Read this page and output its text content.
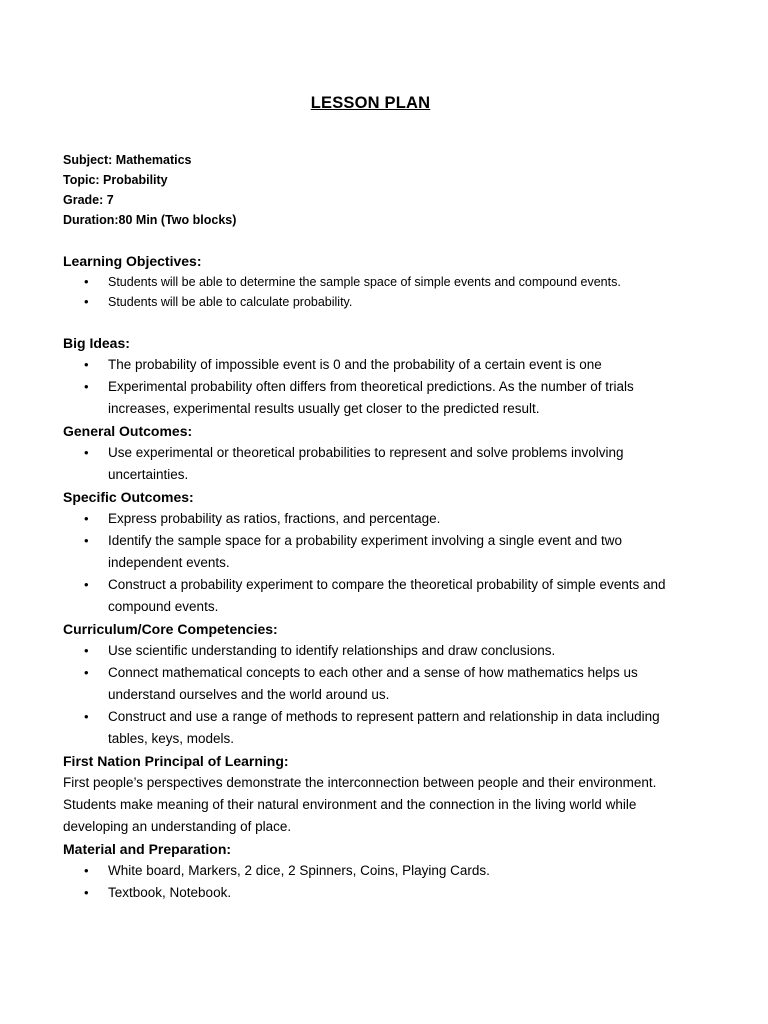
LESSON PLAN
Subject: Mathematics
Topic: Probability
Grade: 7
Duration:80 Min (Two blocks)

Learning Objectives:

• Students will be able to determine the sample space of simple events and compound events.
• Students will be able to calculate probability.

Big Ideas:

• The probability of impossible event is 0 and the probability of a certain event is one
• Experimental probability often differs from theoretical predictions. As the number of trials increases, experimental results usually get closer to the predicted result.

General Outcomes:

• Use experimental or theoretical probabilities to represent and solve problems involving uncertainties.

Specific Outcomes:

• Express probability as ratios, fractions, and percentage.
• Identify the sample space for a probability experiment involving a single event and two independent events.
• Construct a probability experiment to compare the theoretical probability of simple events and compound events.

Curriculum/Core Competencies:

• Use scientific understanding to identify relationships and draw conclusions.
• Connect mathematical concepts to each other and a sense of how mathematics helps us understand ourselves and the world around us.
• Construct and use a range of methods to represent pattern and relationship in data including tables, keys, models.

First Nation Principal of Learning:

First people’s perspectives demonstrate the interconnection between people and their environment. Students make meaning of their natural environment and the connection in the living world while developing an understanding of place.

Material and Preparation:

• White board, Markers, 2 dice, 2 Spinners, Coins, Playing Cards.
• Textbook, Notebook.
